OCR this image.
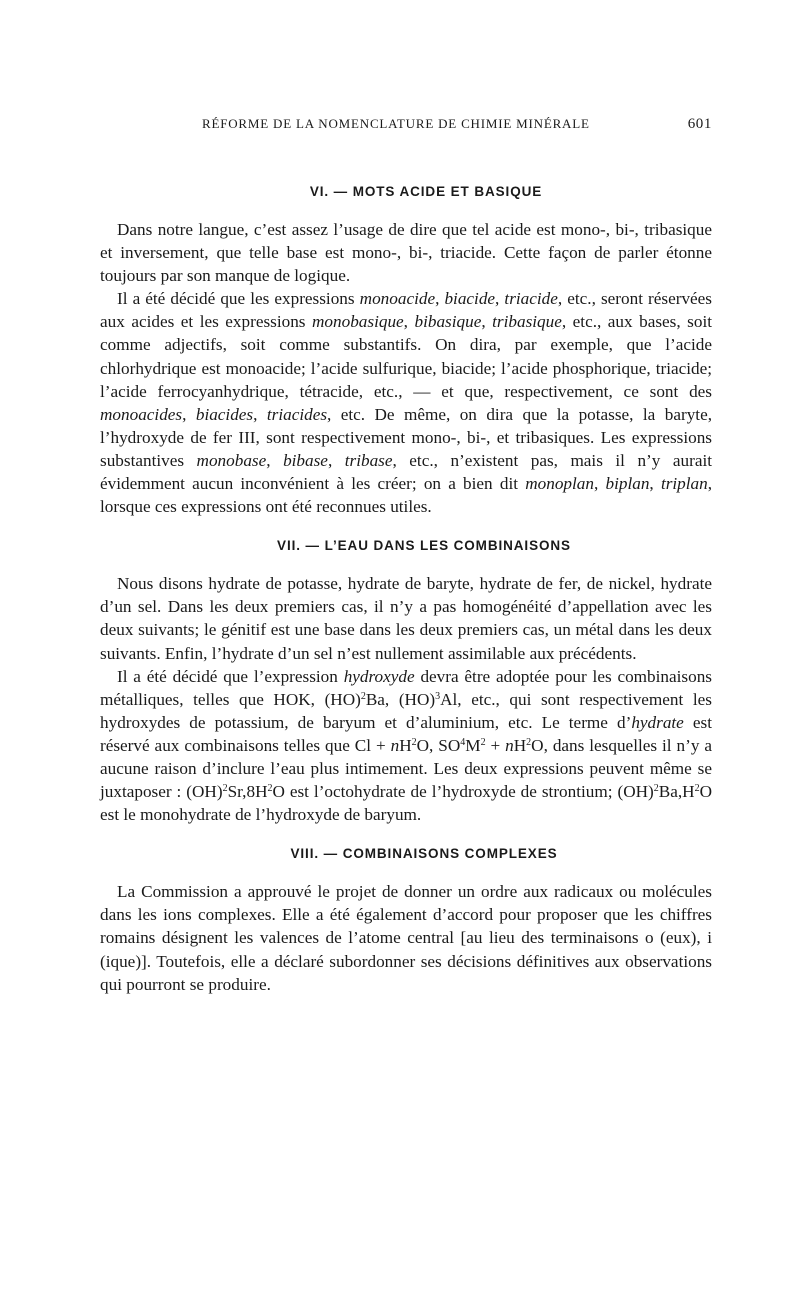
RÉFORME DE LA NOMENCLATURE DE CHIMIE MINÉRALE	601
VI. — MOTS ACIDE ET BASIQUE

Dans notre langue, c’est assez l’usage de dire que tel acide est mono-, bi-, tribasique et inversement, que telle base est mono-, bi-, triacide. Cette façon de parler étonne toujours par son manque de logique.

Il a été décidé que les expressions monoacide, biacide, triacide, etc., seront réservées aux acides et les expressions monobasique, bibasique, tribasique, etc., aux bases, soit comme adjectifs, soit comme substantifs. On dira, par exemple, que l’acide chlorhydrique est monoacide; l’acide sulfurique, biacide; l’acide phosphorique, triacide; l’acide ferrocyanhydrique, tétracide, etc., — et que, respectivement, ce sont des monoacides, biacides, triacides, etc. De même, on dira que la potasse, la baryte, l’hydroxyde de fer III, sont respectivement mono-, bi-, et tribasiques. Les expressions substantives monobase, bibase, tribase, etc., n’existent pas, mais il n’y aurait évidemment aucun inconvénient à les créer; on a bien dit monoplan, biplan, triplan, lorsque ces expressions ont été reconnues utiles.

VII. — L’EAU DANS LES COMBINAISONS

Nous disons hydrate de potasse, hydrate de baryte, hydrate de fer, de nickel, hydrate d’un sel. Dans les deux premiers cas, il n’y a pas homogénéité d’appellation avec les deux suivants; le génitif est une base dans les deux premiers cas, un métal dans les deux suivants. Enfin, l’hydrate d’un sel n’est nullement assimilable aux précédents.

Il a été décidé que l’expression hydroxyde devra être adoptée pour les combinaisons métalliques, telles que HOK, (HO)$^2$Ba, (HO)$^3$Al, etc., qui sont respectivement les hydroxydes de potassium, de baryum et d’aluminium, etc. Le terme d’hydrate est réservé aux combinaisons telles que $Cl + nH^2O$, $SO^4M^2 + nH^2O$, dans lesquelles il n’y a aucune raison d’inclure l’eau plus intimement. Les deux expressions peuvent même se juxtaposer : $(OH)^2Sr,8H^2O$ est l’octohydrate de l’hydroxyde de strontium; $(OH)^2Ba,H^2O$ est le monohydrate de l’hydroxyde de baryum.

VIII. — COMBINAISONS COMPLEXES

La Commission a approuvé le projet de donner un ordre aux radicaux ou molécules dans les ions complexes. Elle a été également d’accord pour proposer que les chiffres romains désignent les valences de l’atome central [au lieu des terminaisons o (eux), i (ique)]. Toutefois, elle a déclaré subordonner ses décisions définitives aux observations qui pourront se produire.
